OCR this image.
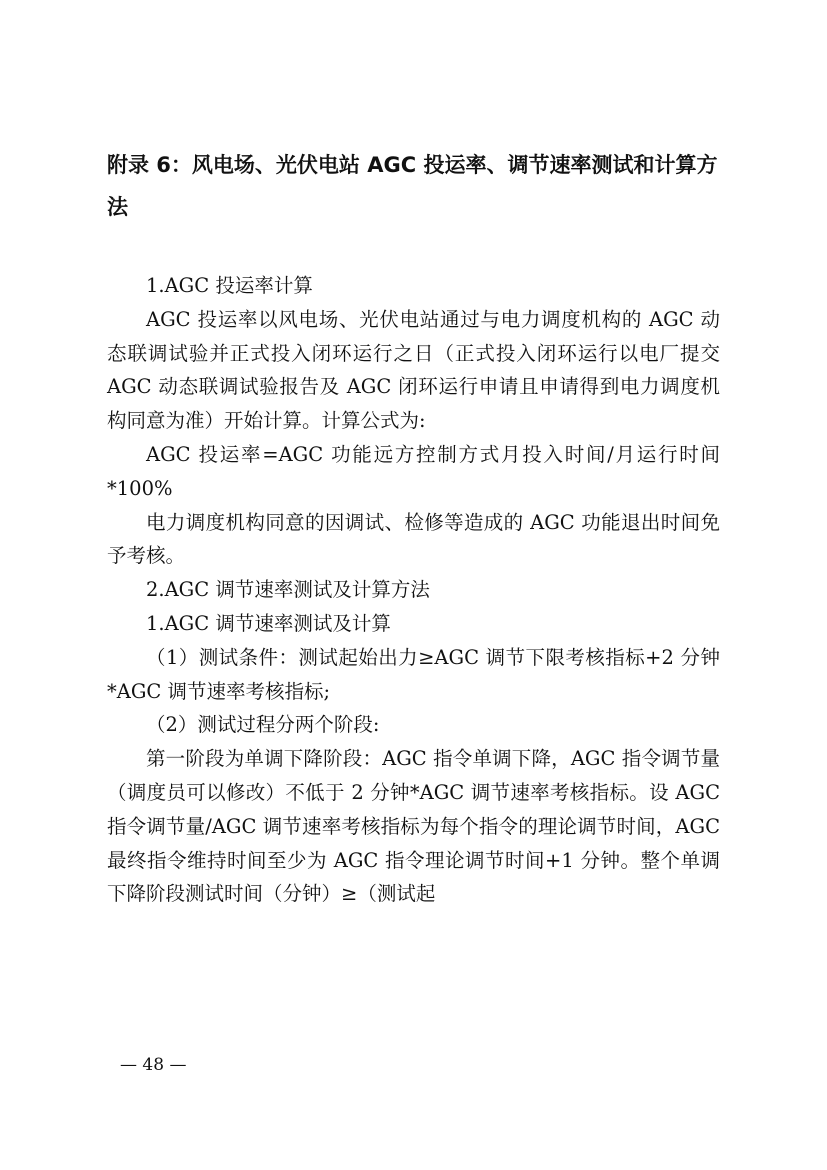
附录 6：风电场、光伏电站 AGC 投运率、调节速率测试和计算方法

1.AGC 投运率计算

AGC 投运率以风电场、光伏电站通过与电力调度机构的 AGC 动态联调试验并正式投入闭环运行之日（正式投入闭环运行以电厂提交 AGC 动态联调试验报告及 AGC 闭环运行申请且申请得到电力调度机构同意为准）开始计算。计算公式为:

AGC 投运率=AGC 功能远方控制方式月投入时间/月运行时间*100%

电力调度机构同意的因调试、检修等造成的 AGC 功能退出时间免予考核。

2.AGC 调节速率测试及计算方法

1.AGC 调节速率测试及计算

（1）测试条件：测试起始出力≥AGC 调节下限考核指标+2 分钟*AGC 调节速率考核指标;

（2）测试过程分两个阶段:

第一阶段为单调下降阶段：AGC 指令单调下降，AGC 指令调节量（调度员可以修改）不低于 2 分钟*AGC 调节速率考核指标。设 AGC 指令调节量/AGC 调节速率考核指标为每个指令的理论调节时间，AGC 最终指令维持时间至少为 AGC 指令理论调节时间+1 分钟。整个单调下降阶段测试时间（分钟）≥（测试起

— 48 —
